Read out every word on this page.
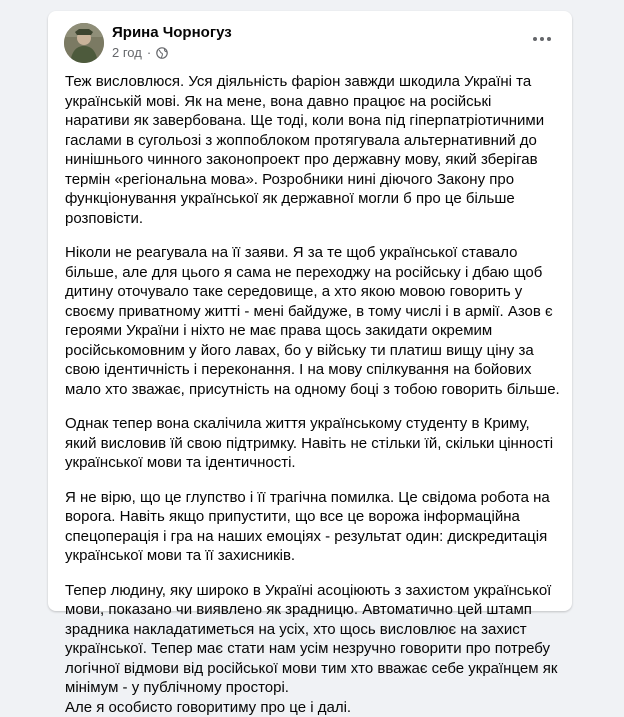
Ярина Чорногуз
2 год ·

Теж висловлюся. Уся діяльність фаріон завжди шкодила Україні та українській мові. Як на мене, вона давно працює на російські наративи як завербована. Ще тоді, коли вона під гіперпатріотичними гаслами в сугольозі з жоппоблоком протягувала альтернативний до нинішнього чинного законопроект про державну мову, який зберігав термін «регіональна мова». Розробники нині діючого Закону про функціонування української як державної могли б про це більше розповісти.

Ніколи не реагувала на її заяви. Я за те щоб української ставало більше, але для цього я сама не переходжу на російську і дбаю щоб дитину оточувало таке середовище, а хто якою мовою говорить у своєму приватному житті - мені байдуже, в тому числі і в армії. Азов є героями України і ніхто не має права щось закидати окремим російськомовним у його лавах, бо у війську ти платиш вищу ціну за свою ідентичність і переконання. І на мову спілкування на бойових мало хто зважає, присутність на одному боці з тобою говорить більше.

Однак тепер вона скалічила життя українському студенту в Криму, який висловив їй свою підтримку. Навіть не стільки їй, скільки цінності української мови та ідентичності.

Я не вірю, що це глупство і її трагічна помилка. Це свідома робота на ворога. Навіть якщо припустити, що все це ворожа інформаційна спецоперація і гра на наших емоціях - результат один: дискредитація української мови та її захисників.

Тепер людину, яку широко в Україні асоціюють з захистом української мови, показано чи виявлено як зрадницю. Автоматично цей штамп зрадника накладатиметься на усіх, хто щось висловлює на захист української. Тепер має стати нам усім незручно говорити про потребу логічної відмови від російської мови тим хто вважає себе українцем як мінімум - у публічному просторі.
Але я особисто говоритиму про це і далі.
